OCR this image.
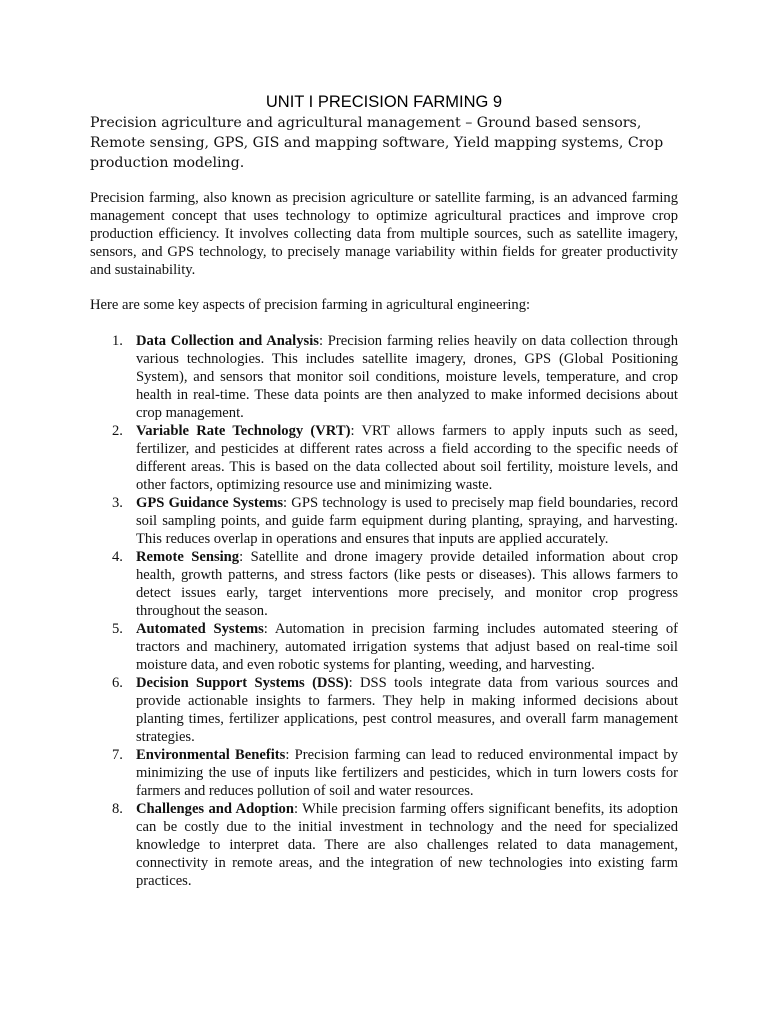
UNIT I PRECISION FARMING 9
Precision agriculture and agricultural management – Ground based sensors, Remote sensing, GPS, GIS and mapping software, Yield mapping systems, Crop production modeling.

Precision farming, also known as precision agriculture or satellite farming, is an advanced farming management concept that uses technology to optimize agricultural practices and improve crop production efficiency. It involves collecting data from multiple sources, such as satellite imagery, sensors, and GPS technology, to precisely manage variability within fields for greater productivity and sustainability.

Here are some key aspects of precision farming in agricultural engineering:

1. Data Collection and Analysis: Precision farming relies heavily on data collection through various technologies. This includes satellite imagery, drones, GPS (Global Positioning System), and sensors that monitor soil conditions, moisture levels, temperature, and crop health in real-time. These data points are then analyzed to make informed decisions about crop management.
2. Variable Rate Technology (VRT): VRT allows farmers to apply inputs such as seed, fertilizer, and pesticides at different rates across a field according to the specific needs of different areas. This is based on the data collected about soil fertility, moisture levels, and other factors, optimizing resource use and minimizing waste.
3. GPS Guidance Systems: GPS technology is used to precisely map field boundaries, record soil sampling points, and guide farm equipment during planting, spraying, and harvesting. This reduces overlap in operations and ensures that inputs are applied accurately.
4. Remote Sensing: Satellite and drone imagery provide detailed information about crop health, growth patterns, and stress factors (like pests or diseases). This allows farmers to detect issues early, target interventions more precisely, and monitor crop progress throughout the season.
5. Automated Systems: Automation in precision farming includes automated steering of tractors and machinery, automated irrigation systems that adjust based on real-time soil moisture data, and even robotic systems for planting, weeding, and harvesting.
6. Decision Support Systems (DSS): DSS tools integrate data from various sources and provide actionable insights to farmers. They help in making informed decisions about planting times, fertilizer applications, pest control measures, and overall farm management strategies.
7. Environmental Benefits: Precision farming can lead to reduced environmental impact by minimizing the use of inputs like fertilizers and pesticides, which in turn lowers costs for farmers and reduces pollution of soil and water resources.
8. Challenges and Adoption: While precision farming offers significant benefits, its adoption can be costly due to the initial investment in technology and the need for specialized knowledge to interpret data. There are also challenges related to data management, connectivity in remote areas, and the integration of new technologies into existing farm practices.
